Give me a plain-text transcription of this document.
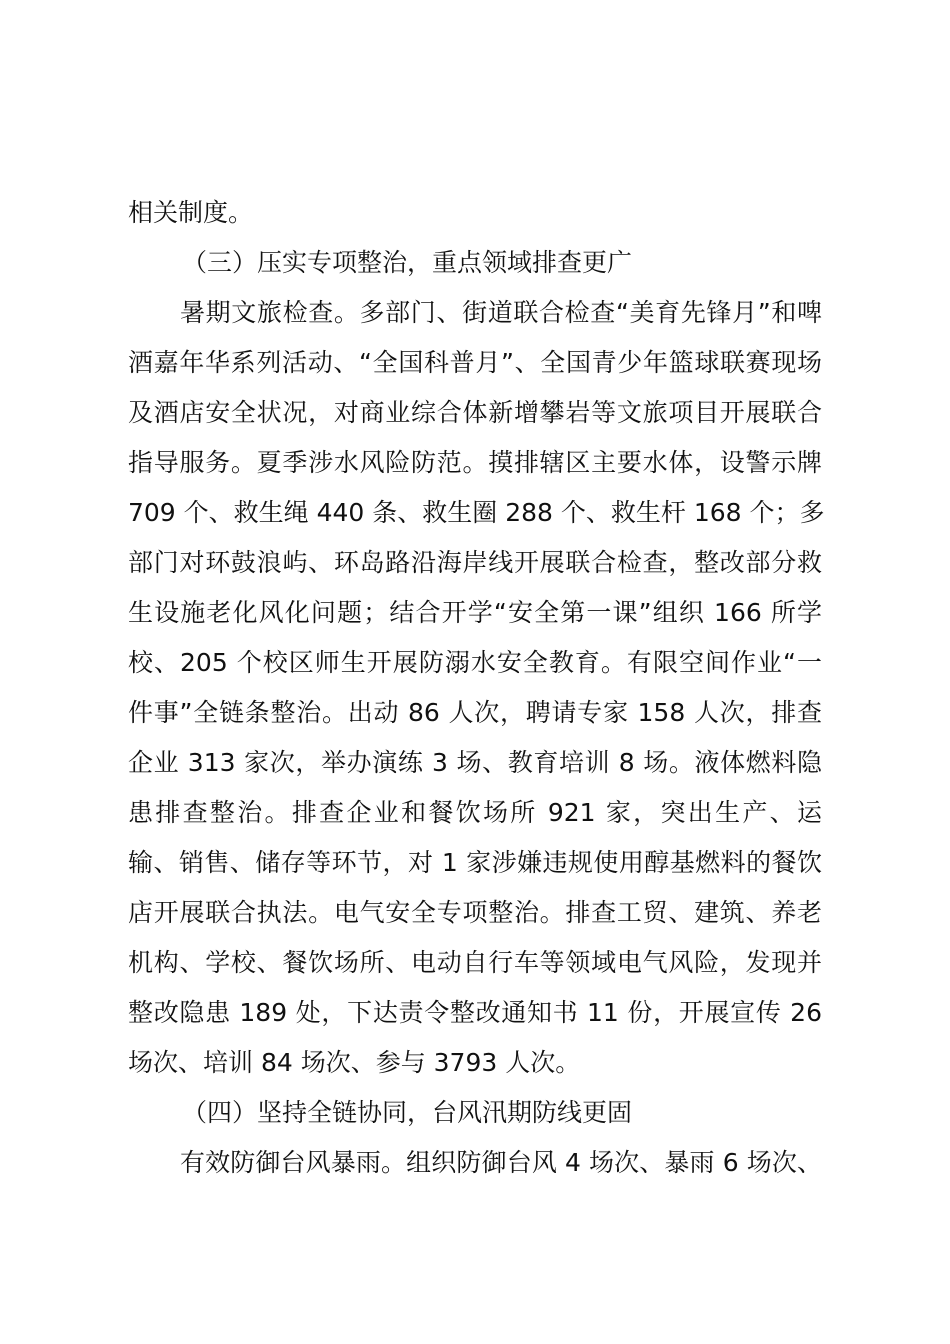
相关制度。
（三）压实专项整治，重点领域排查更广
暑期文旅检查。多部门、街道联合检查“美育先锋月”和啤
酒嘉年华系列活动、“全国科普月”、全国青少年篮球联赛现场
及酒店安全状况，对商业综合体新增攀岩等文旅项目开展联合
指导服务。夏季涉水风险防范。摸排辖区主要水体，设警示牌
709 个、救生绳 440 条、救生圈 288 个、救生杆 168 个；多
部门对环鼓浪屿、环岛路沿海岸线开展联合检查，整改部分救
生设施老化风化问题；结合开学“安全第一课”组织 166 所学
校、205 个校区师生开展防溺水安全教育。有限空间作业“一
件事”全链条整治。出动 86 人次，聘请专家 158 人次，排查
企业 313 家次，举办演练 3 场、教育培训 8 场。液体燃料隐
患排查整治。排查企业和餐饮场所 921 家，突出生产、运
输、销售、储存等环节，对 1 家涉嫌违规使用醇基燃料的餐饮
店开展联合执法。电气安全专项整治。排查工贸、建筑、养老
机构、学校、餐饮场所、电动自行车等领域电气风险，发现并
整改隐患 189 处，下达责令整改通知书 11 份，开展宣传 26
场次、培训 84 场次、参与 3793 人次。
（四）坚持全链协同，台风汛期防线更固
有效防御台风暴雨。组织防御台风 4 场次、暴雨 6 场次、
